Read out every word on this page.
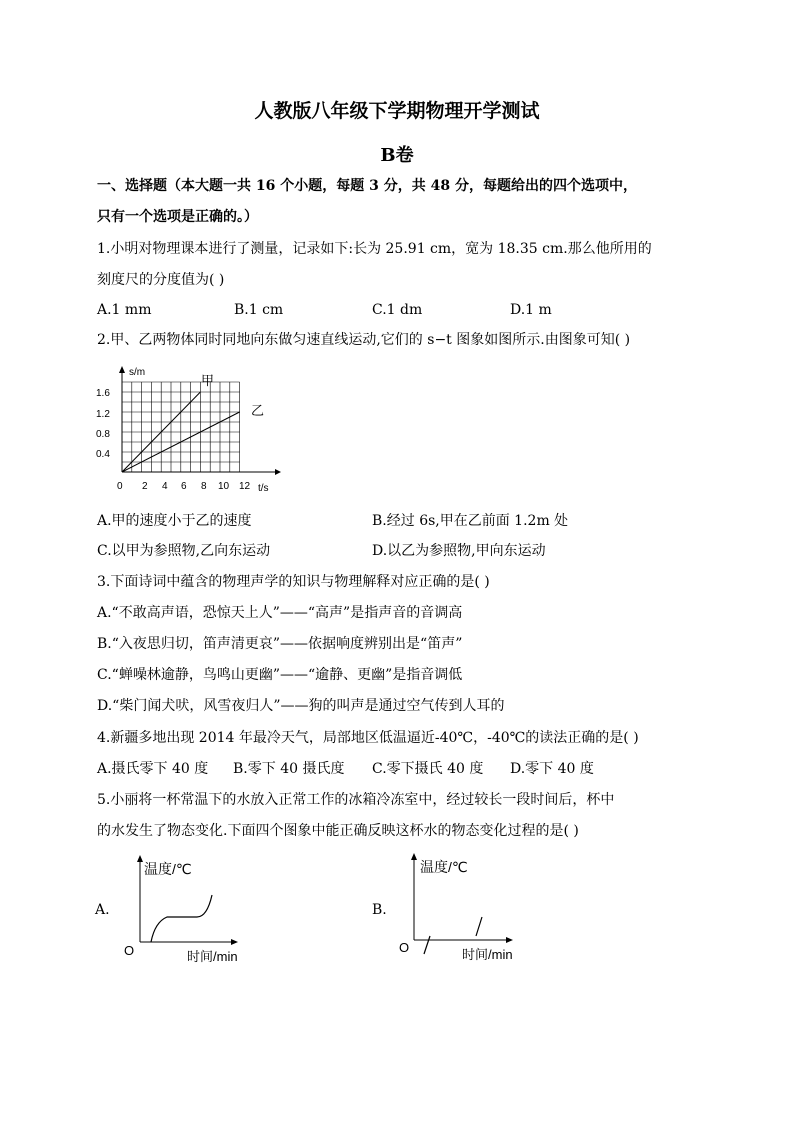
人教版八年级下学期物理开学测试
B卷
一、选择题（本大题一共 16 个小题，每题 3 分，共 48 分，每题给出的四个选项中，
只有一个选项是正确的。）
1.小明对物理课本进行了测量，记录如下:长为 25.91 cm，宽为 18.35 cm.那么他所用的
刻度尺的分度值为( )
A.1 mm	B.1 cm	C.1 dm	D.1 m
2.甲、乙两物体同时同地向东做匀速直线运动,它们的 s−t 图象如图所示.由图象可知( )
s/m
t/s
1.6
1.2
0.8
0.4
0 2 4 6 8 10 12
甲
乙
A.甲的速度小于乙的速度	B.经过 6s,甲在乙前面 1.2m 处
C.以甲为参照物,乙向东运动	D.以乙为参照物,甲向东运动
3.下面诗词中蕴含的物理声学的知识与物理解释对应正确的是( )
A.“不敢高声语，恐惊天上人”——“高声”是指声音的音调高
B.“入夜思归切，笛声清更哀”——依据响度辨别出是“笛声”
C.“蝉噪林逾静，鸟鸣山更幽”——“逾静、更幽”是指音调低
D.“柴门闻犬吠，风雪夜归人”——狗的叫声是通过空气传到人耳的
4.新疆多地出现 2014 年最冷天气，局部地区低温逼近-40℃，-40℃的读法正确的是( )
A.摄氏零下 40 度 B.零下 40 摄氏度 C.零下摄氏 40 度 D.零下 40 度
5.小丽将一杯常温下的水放入正常工作的冰箱冷冻室中，经过较长一段时间后，杯中
的水发生了物态变化.下面四个图象中能正确反映这杯水的物态变化过程的是( )
A.
温度/℃
时间/min
O
B.
温度/℃
时间/min
O
